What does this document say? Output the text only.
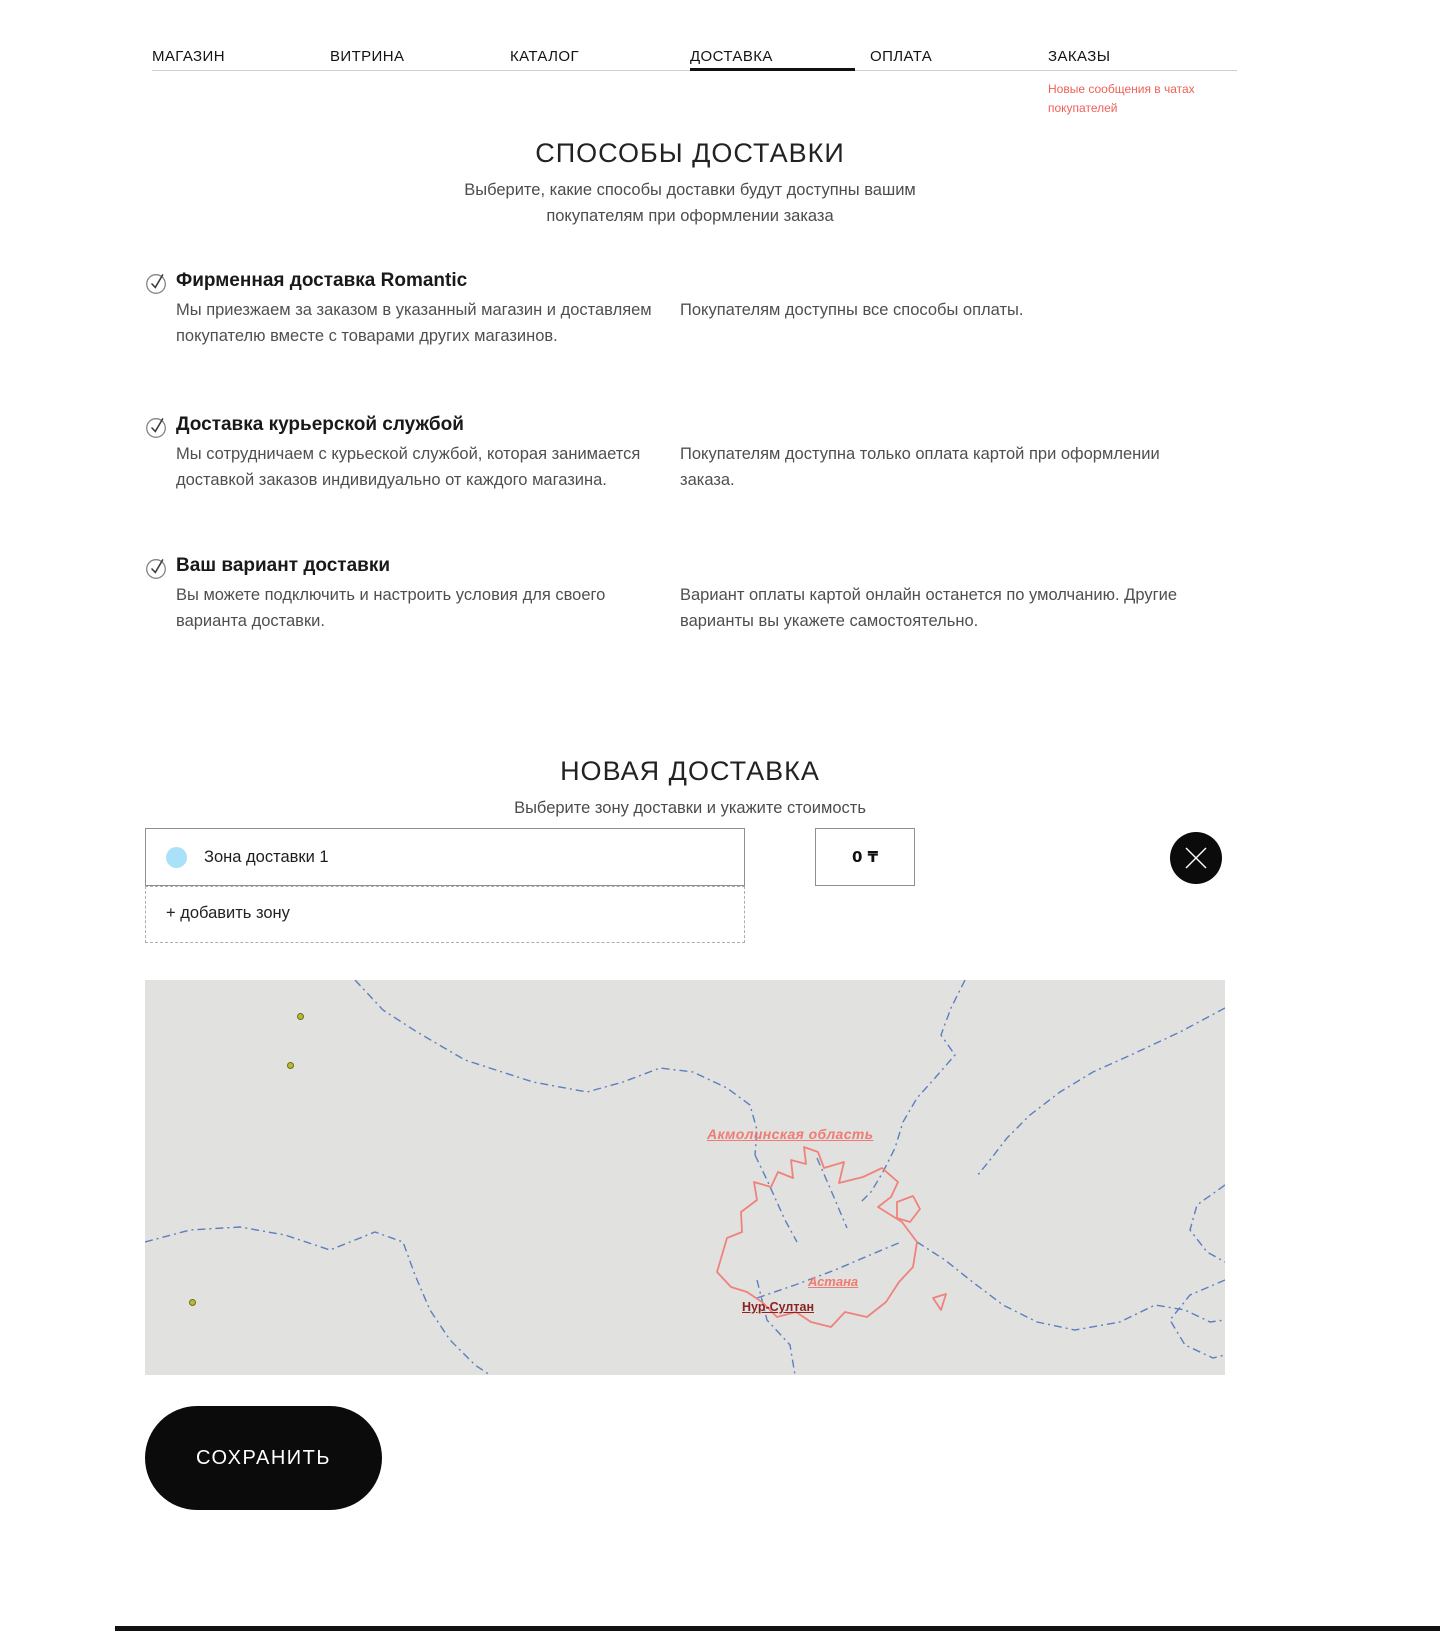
МАГАЗИН	ВИТРИНА	КАТАЛОГ	ДОСТАВКА	ОПЛАТА	ЗАКАЗЫ
Новые сообщения в чатах покупателей
СПОСОБЫ ДОСТАВКИ
Выберите, какие способы доставки будут доступны вашим покупателям при оформлении заказа
Фирменная доставка Romantic
Мы приезжаем за заказом в указанный магазин и доставляем покупателю вместе с товарами других магазинов.
Покупателям доступны все способы оплаты.
Доставка курьерской службой
Мы сотрудничаем с курьеской службой, которая занимается доставкой заказов индивидуально от каждого магазина.
Покупателям доступна только оплата картой при оформлении заказа.
Ваш вариант доставки
Вы можете подключить и настроить условия для своего варианта доставки.
Вариант оплаты картой онлайн останется по умолчанию. Другие варианты вы укажете самостоятельно.
НОВАЯ ДОСТАВКА
Выберите зону доставки и укажите стоимость
Зона доставки 1	0 ₸
+ добавить зону
Акмолинская область
Астана
Нур-Султан
СОХРАНИТЬ
